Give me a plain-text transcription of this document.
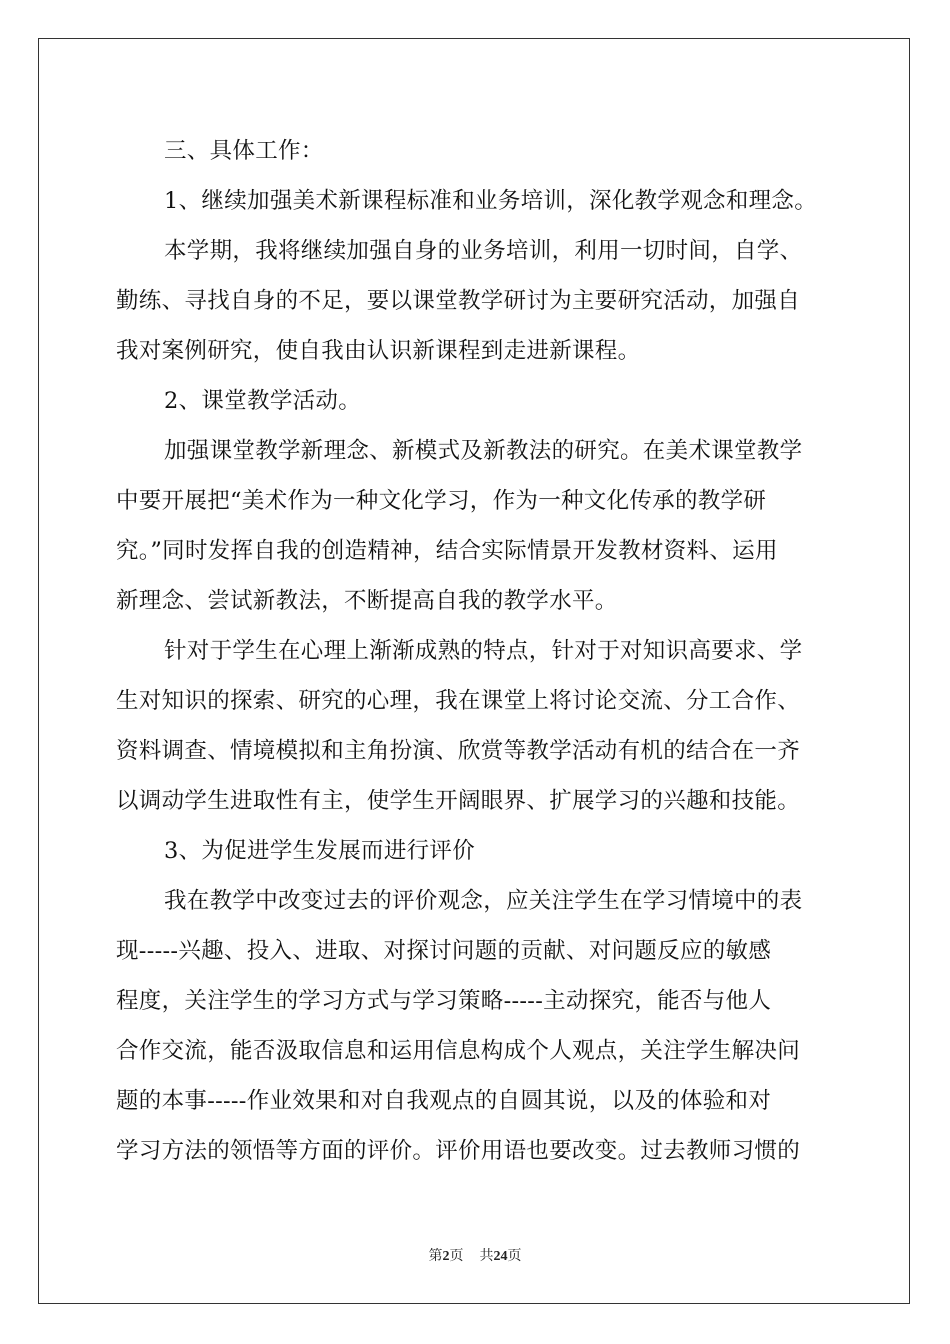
三、具体工作：
1、继续加强美术新课程标准和业务培训，深化教学观念和理念。
本学期，我将继续加强自身的业务培训，利用一切时间，自学、
勤练、寻找自身的不足，要以课堂教学研讨为主要研究活动，加强自
我对案例研究，使自我由认识新课程到走进新课程。
2、课堂教学活动。
加强课堂教学新理念、新模式及新教法的研究。在美术课堂教学
中要开展把“美术作为一种文化学习，作为一种文化传承的教学研
究。”同时发挥自我的创造精神，结合实际情景开发教材资料、运用
新理念、尝试新教法，不断提高自我的教学水平。
针对于学生在心理上渐渐成熟的特点，针对于对知识高要求、学
生对知识的探索、研究的心理，我在课堂上将讨论交流、分工合作、
资料调查、情境模拟和主角扮演、欣赏等教学活动有机的结合在一齐
以调动学生进取性有主，使学生开阔眼界、扩展学习的兴趣和技能。
3、为促进学生发展而进行评价
我在教学中改变过去的评价观念，应关注学生在学习情境中的表
现-----兴趣、投入、进取、对探讨问题的贡献、对问题反应的敏感
程度，关注学生的学习方式与学习策略-----主动探究，能否与他人
合作交流，能否汲取信息和运用信息构成个人观点，关注学生解决问
题的本事-----作业效果和对自我观点的自圆其说，以及的体验和对
学习方法的领悟等方面的评价。评价用语也要改变。过去教师习惯的
第2页 共24页
